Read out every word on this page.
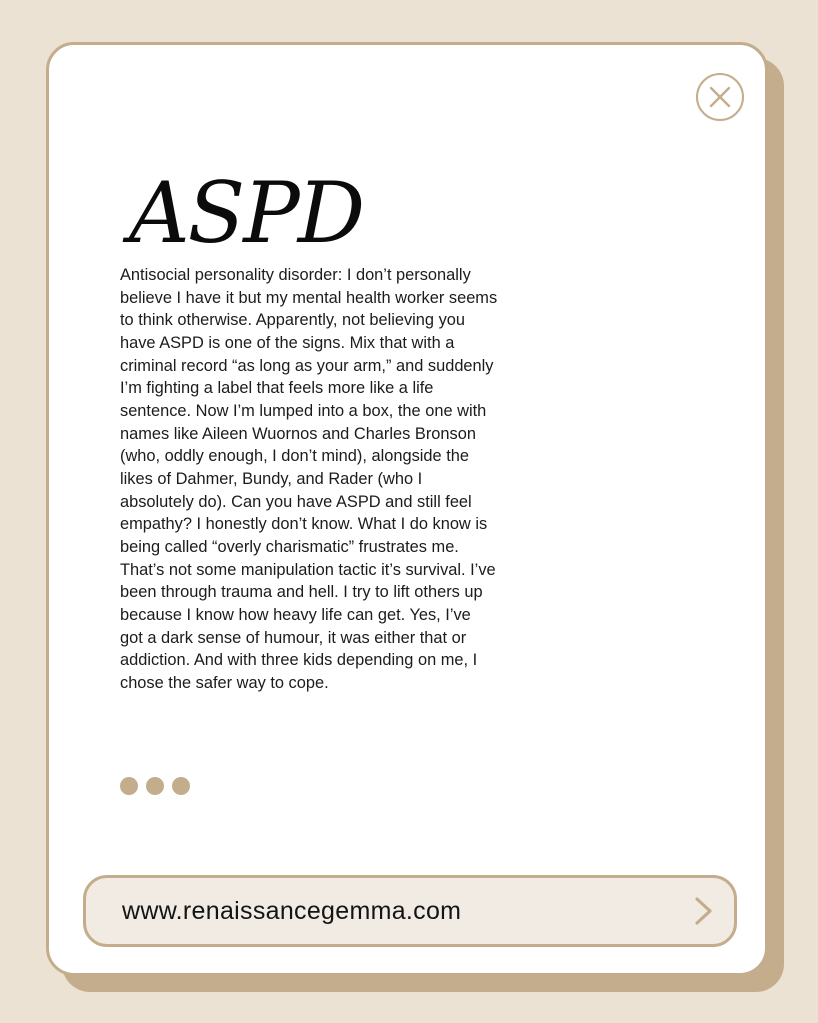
ASPD

Antisocial personality disorder: I don’t personally believe I have it but my mental health worker seems to think otherwise. Apparently, not believing you have ASPD is one of the signs. Mix that with a criminal record “as long as your arm,” and suddenly I’m fighting a label that feels more like a life sentence. Now I’m lumped into a box, the one with names like Aileen Wuornos and Charles Bronson (who, oddly enough, I don’t mind), alongside the likes of Dahmer, Bundy, and Rader (who I absolutely do). Can you have ASPD and still feel empathy? I honestly don’t know. What I do know is being called “overly charismatic” frustrates me. That’s not some manipulation tactic it’s survival. I’ve been through trauma and hell. I try to lift others up because I know how heavy life can get. Yes, I’ve got a dark sense of humour, it was either that or addiction. And with three kids depending on me, I chose the safer way to cope.

www.renaissancegemma.com
